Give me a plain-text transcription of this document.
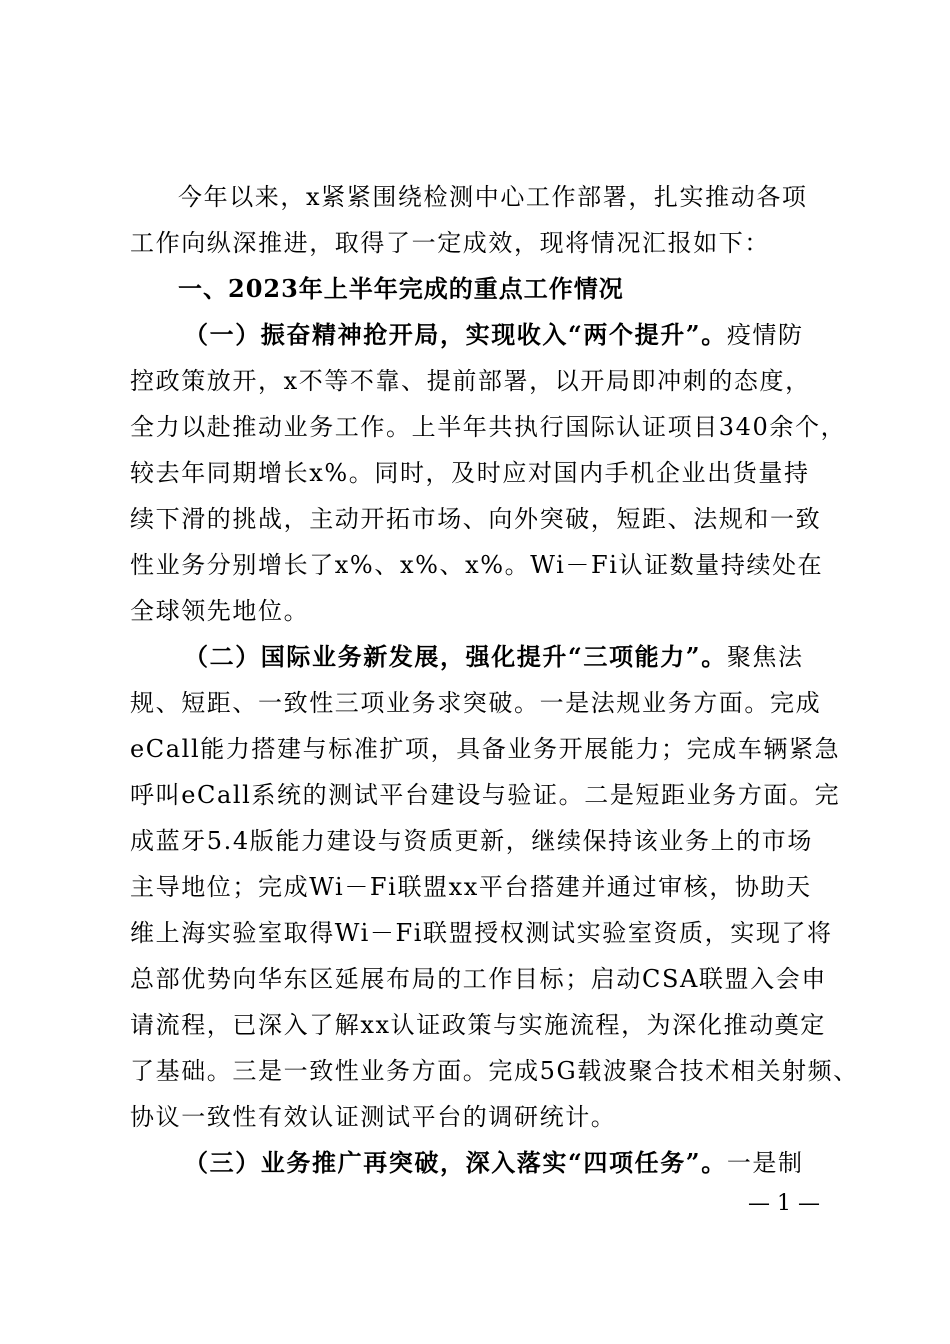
今年以来，x紧紧围绕检测中心工作部署，扎实推动各项
工作向纵深推进，取得了一定成效，现将情况汇报如下：
一、2023年上半年完成的重点工作情况
（一）振奋精神抢开局，实现收入“两个提升”。疫情防
控政策放开，x不等不靠、提前部署，以开局即冲刺的态度，
全力以赴推动业务工作。上半年共执行国际认证项目340余个，
较去年同期增长x%。同时，及时应对国内手机企业出货量持
续下滑的挑战，主动开拓市场、向外突破，短距、法规和一致
性业务分别增长了x%、x%、x%。Wi－Fi认证数量持续处在
全球领先地位。
（二）国际业务新发展，强化提升“三项能力”。聚焦法
规、短距、一致性三项业务求突破。一是法规业务方面。完成
eCall能力搭建与标准扩项，具备业务开展能力；完成车辆紧急
呼叫eCall系统的测试平台建设与验证。二是短距业务方面。完
成蓝牙5.4版能力建设与资质更新，继续保持该业务上的市场
主导地位；完成Wi－Fi联盟xx平台搭建并通过审核，协助天
维上海实验室取得Wi－Fi联盟授权测试实验室资质，实现了将
总部优势向华东区延展布局的工作目标；启动CSA联盟入会申
请流程，已深入了解xx认证政策与实施流程，为深化推动奠定
了基础。三是一致性业务方面。完成5G载波聚合技术相关射频、
协议一致性有效认证测试平台的调研统计。
（三）业务推广再突破，深入落实“四项任务”。一是制
— 1 —
